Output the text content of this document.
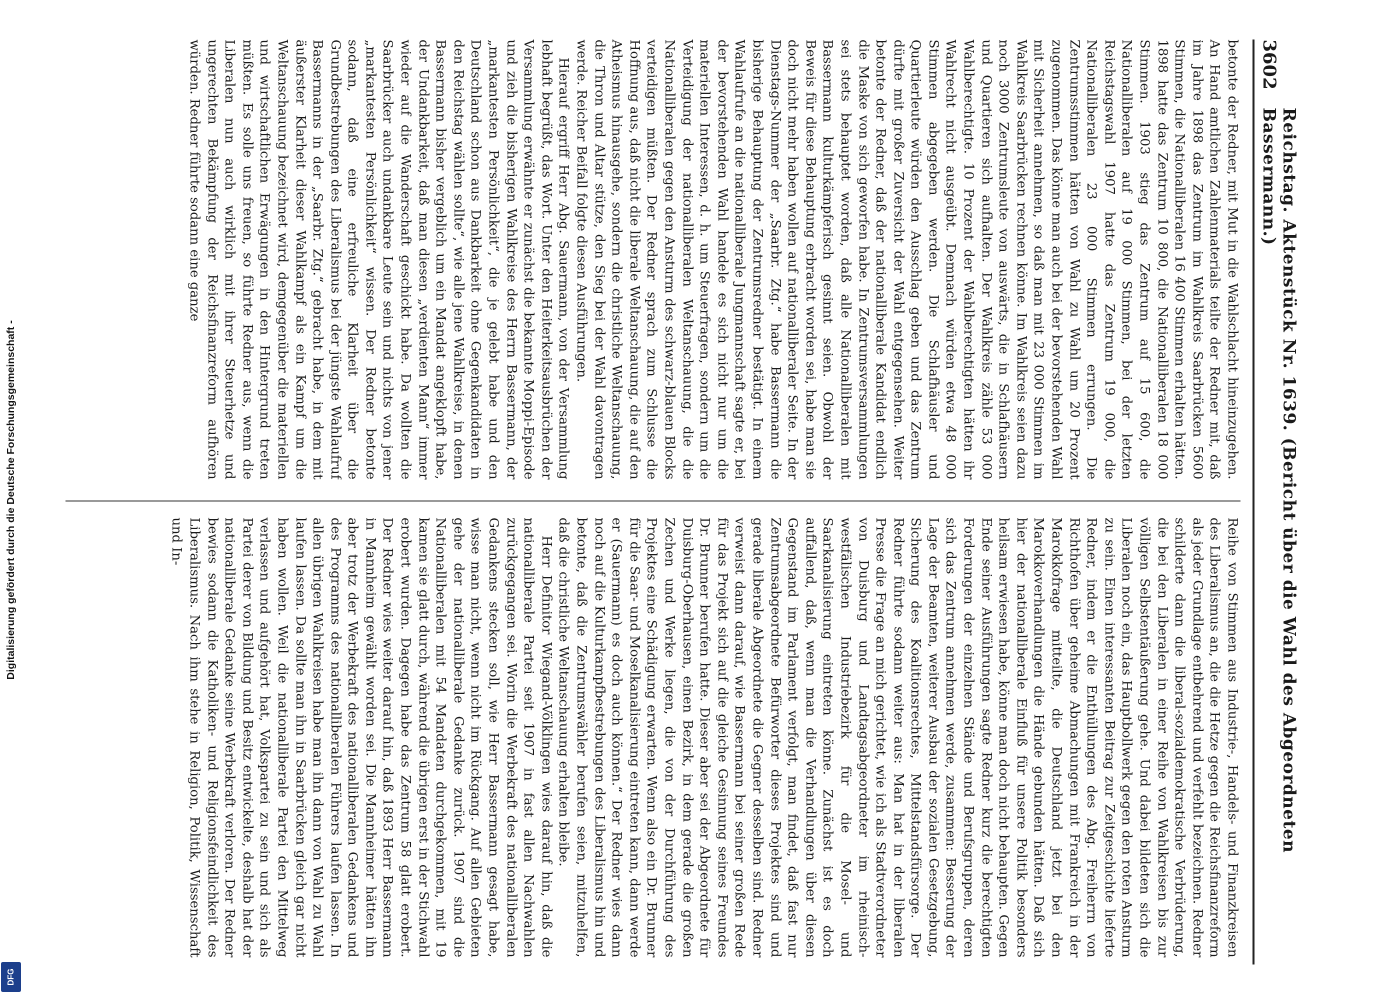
Digitalisierung gefördert durch die Deutsche Forschungsgemeinschaft -
DFG
3602
Reichstag. Aktenstück Nr. 1639. (Bericht über die Wahl des Abgeordneten Bassermann.)

betonte der Redner, mit Mut in die Wahlschlacht hineinzugehen. An Hand amtlichen Zahlenmaterials teilte der Redner mit, daß im Jahre 1898 das Zentrum im Wahlkreis Saarbrücken 5600 Stimmen, die Nationalliberalen 16 400 Stimmen erhalten hätten. 1898 hatte das Zentrum 10 800, die Nationalliberalen 18 000 Stimmen. 1903 stieg das Zentrum auf 15 600, die Nationalliberalen auf 19 000 Stimmen, bei der letzten Reichstagswahl 1907 hatte das Zentrum 19 000, die Nationalliberalen 23 000 Stimmen errungen. Die Zentrumsstimmen hätten von Wahl zu Wahl um 20 Prozent zugenommen. Das könne man auch bei der bevorstehenden Wahl mit Sicherheit annehmen, so daß man mit 23 000 Stimmen im Wahlkreis Saarbrücken rechnen könne. Im Wahlkreis seien dazu noch 3000 Zentrumsleute von auswärts, die in Schlafhäusern und Quartieren sich aufhalten. Der Wahlkreis zähle 53 000 Wahlberechtigte. 10 Prozent der Wahlberechtigten hätten ihr Wahlrecht nicht ausgeübt. Demnach würden etwa 48 000 Stimmen abgegeben werden. Die Schlafhäusler und Quartierleute würden den Ausschlag geben und das Zentrum dürfte mit großer Zuversicht der Wahl entgegensehen. Weiter betonte der Redner, daß der nationalliberale Kandidat endlich die Maske von sich geworfen habe. In Zentrumsversammlungen sei stets behauptet worden, daß alle Nationalliberalen mit Bassermann kulturkämpferisch gesinnt seien. Obwohl der Beweis für diese Behauptung erbracht worden sei, habe man sie doch nicht mehr haben wollen auf nationalliberaler Seite. In der Dienstags-Nummer der „Saarbr. Ztg.“ habe Bassermann die bisherige Behauptung der Zentrumsredner bestätigt. In einem Wahlaufrufe an die nationalliberale Jungmannschaft sagte er, bei der bevorstehenden Wahl handele es sich nicht nur um die materiellen Interessen, d. h. um Steuerfragen, sondern um die Verteidigung der nationalliberalen Weltanschauung, die die Nationalliberalen gegen den Ansturm des schwarz-blauen Blocks verteidigen müßten. Der Redner sprach zum Schlusse die Hoffnung aus, daß nicht die liberale Weltanschauung, die auf den Atheismus hinausgehe, sondern die christliche Weltanschauung, die Thron und Altar stütze, den Sieg bei der Wahl davontragen werde. Reicher Beifall folgte diesen Ausführungen.

Hierauf ergriff Herr Abg. Sauermann, von der Versammlung lebhaft begrüßt, das Wort. Unter den Heiterkeitsausbrüchen der Versammlung erwähnte er zunächst die bekannte Moppi-Episode und zieh die bisherigen Wahlkreise des Herrn Bassermann, der „markantesten Persönlichkeit“, die je gelebt habe und den Deutschland schon aus Dankbarkeit ohne Gegenkandidaten in den Reichstag wählen sollte“, wie alle jene Wahlkreise, in denen Bassermann bisher vergeblich um ein Mandat angeklopft habe, der Undankbarkeit, daß man diesen „verdienten Mann“ immer wieder auf die Wanderschaft geschickt habe. Da wollten die Saarbrücker auch undankbare Leute sein und nichts von jener „markantesten Persönlichkeit“ wissen. Der Redner betonte sodann, daß eine erfreuliche Klarheit über die Grundbestrebungen des Liberalismus bei der jüngste Wahlaufruf Bassermanns in der „Saarbr. Ztg.“ gebracht habe, in dem mit äußerster Klarheit dieser Wahlkampf als ein Kampf um die Weltanschauung bezeichnet wird, demgegenüber die materiellen und wirtschaftlichen Erwägungen in den Hintergrund treten müßten. Es solle uns freuen, so führte Redner aus, wenn die Liberalen nun auch wirklich mit ihrer Steuerhetze und ungerechten Bekämpfung der Reichsfinanzreform aufhören würden. Redner führte sodann eine ganze

Reihe von Stimmen aus Industrie-, Handels- und Finanzkreisen des Liberalismus an, die die Hetze gegen die Reichsfinanzreform als jeder Grundlage entbehrend und verfehlt bezeichnen. Redner schilderte dann die liberal-sozialdemokratische Verbrüderung, die bei den Liberalen in einer Reihe von Wahlkreisen bis zur völligen Selbstentäußerung gehe. Und dabei bildeten sich die Liberalen noch ein, das Hauptbollwerk gegen den roten Ansturm zu sein. Einen interessanten Beitrag zur Zeitgeschichte lieferte Redner, indem er die Enthüllungen des Abg. Freiherrn von Richthofen über geheime Abmachungen mit Frankreich in der Marokkofrage mitteilte, die Deutschland jetzt bei den Marokkoverhandlungen die Hände gebunden hätten. Daß sich hier der nationalliberale Einfluß für unsere Politik besonders heilsam erwiesen habe, könne man doch nicht behaupten. Gegen Ende seiner Ausführungen sagte Redner kurz die berechtigten Forderungen der einzelnen Stände und Berufsgruppen, deren sich das Zentrum annehmen werde, zusammen: Besserung der Lage der Beamten, weiterer Ausbau der sozialen Gesetzgebung, Sicherung des Koalitionsrechtes, Mittelstandsfürsorge. Der Redner führte sodann weiter aus: Man hat in der liberalen Presse die Frage an mich gerichtet, wie ich als Stadtverordneter von Duisburg und Landtagsabgeordneter im rheinisch-westfälischen Industriebezirk für die Mosel- und Saarkanalisierung eintreten könne. Zunächst ist es doch auffallend, daß, wenn man die Verhandlungen über diesen Gegenstand im Parlament verfolgt, man findet, daß fast nur Zentrumsabgeordnete Befürworter dieses Projektes sind und gerade liberale Abgeordnete die Gegner desselben sind. Redner verweist dann darauf, wie Bassermann bei seiner großen Rede für das Projekt sich auf die gleiche Gesinnung seines Freundes Dr. Brunner berufen hatte. Dieser aber sei der Abgeordnete für Duisburg-Oberhausen, einen Bezirk, in dem gerade die großen Zechen und Werke liegen, die von der Durchführung des Projektes eine Schädigung erwarten. Wenn also ein Dr. Brunner für die Saar- und Moselkanalisierung eintreten kann, dann werde er (Sauermann) es doch auch können.“ Der Redner wies dann noch auf die Kulturkampfbestrebungen des Liberalismus hin und betonte, daß die Zentrumswähler berufen seien, mitzuhelfen, daß die christliche Weltanschauung erhalten bleibe.

Herr Definitor Wiegand-Völklingen wies darauf hin, daß die nationalliberale Partei seit 1907 in fast allen Nachwahlen zurückgegangen sei. Worin die Werbekraft des nationalliberalen Gedankens stecken soll, wie Herr Bassermann gesagt habe, wisse man nicht, wenn nicht im Rückgang. Auf allen Gebieten gehe der nationalliberale Gedanke zurück. 1907 sind die Nationalliberalen mit 54 Mandaten durchgekommen, mit 19 kamen sie glatt durch, während die übrigen erst in der Stichwahl erobert wurden. Dagegen habe das Zentrum 58 glatt erobert. Der Redner wies weiter darauf hin, daß 1893 Herr Bassermann in Mannheim gewählt worden sei. Die Mannheimer hätten ihn aber trotz der Werbekraft des nationalliberalen Gedankens und des Programms des nationalliberalen Führers laufen lassen. In allen übrigen Wahlkreisen habe man ihn dann von Wahl zu Wahl laufen lassen. Da sollte man ihn in Saarbrücken gleich gar nicht haben wollen. Weil die nationalliberale Partei den Mittelweg verlassen und aufgehört hat, Volkspartei zu sein und sich als Partei derer von Bildung und Besitz entwickelte, deshalb hat der nationalliberale Gedanke seine Werbekraft verloren. Der Redner bewies sodann die Katholiken- und Religionsfeindlichkeit des Liberalismus. Nach ihm stehe in Religion, Politik, Wissenschaft und In-
